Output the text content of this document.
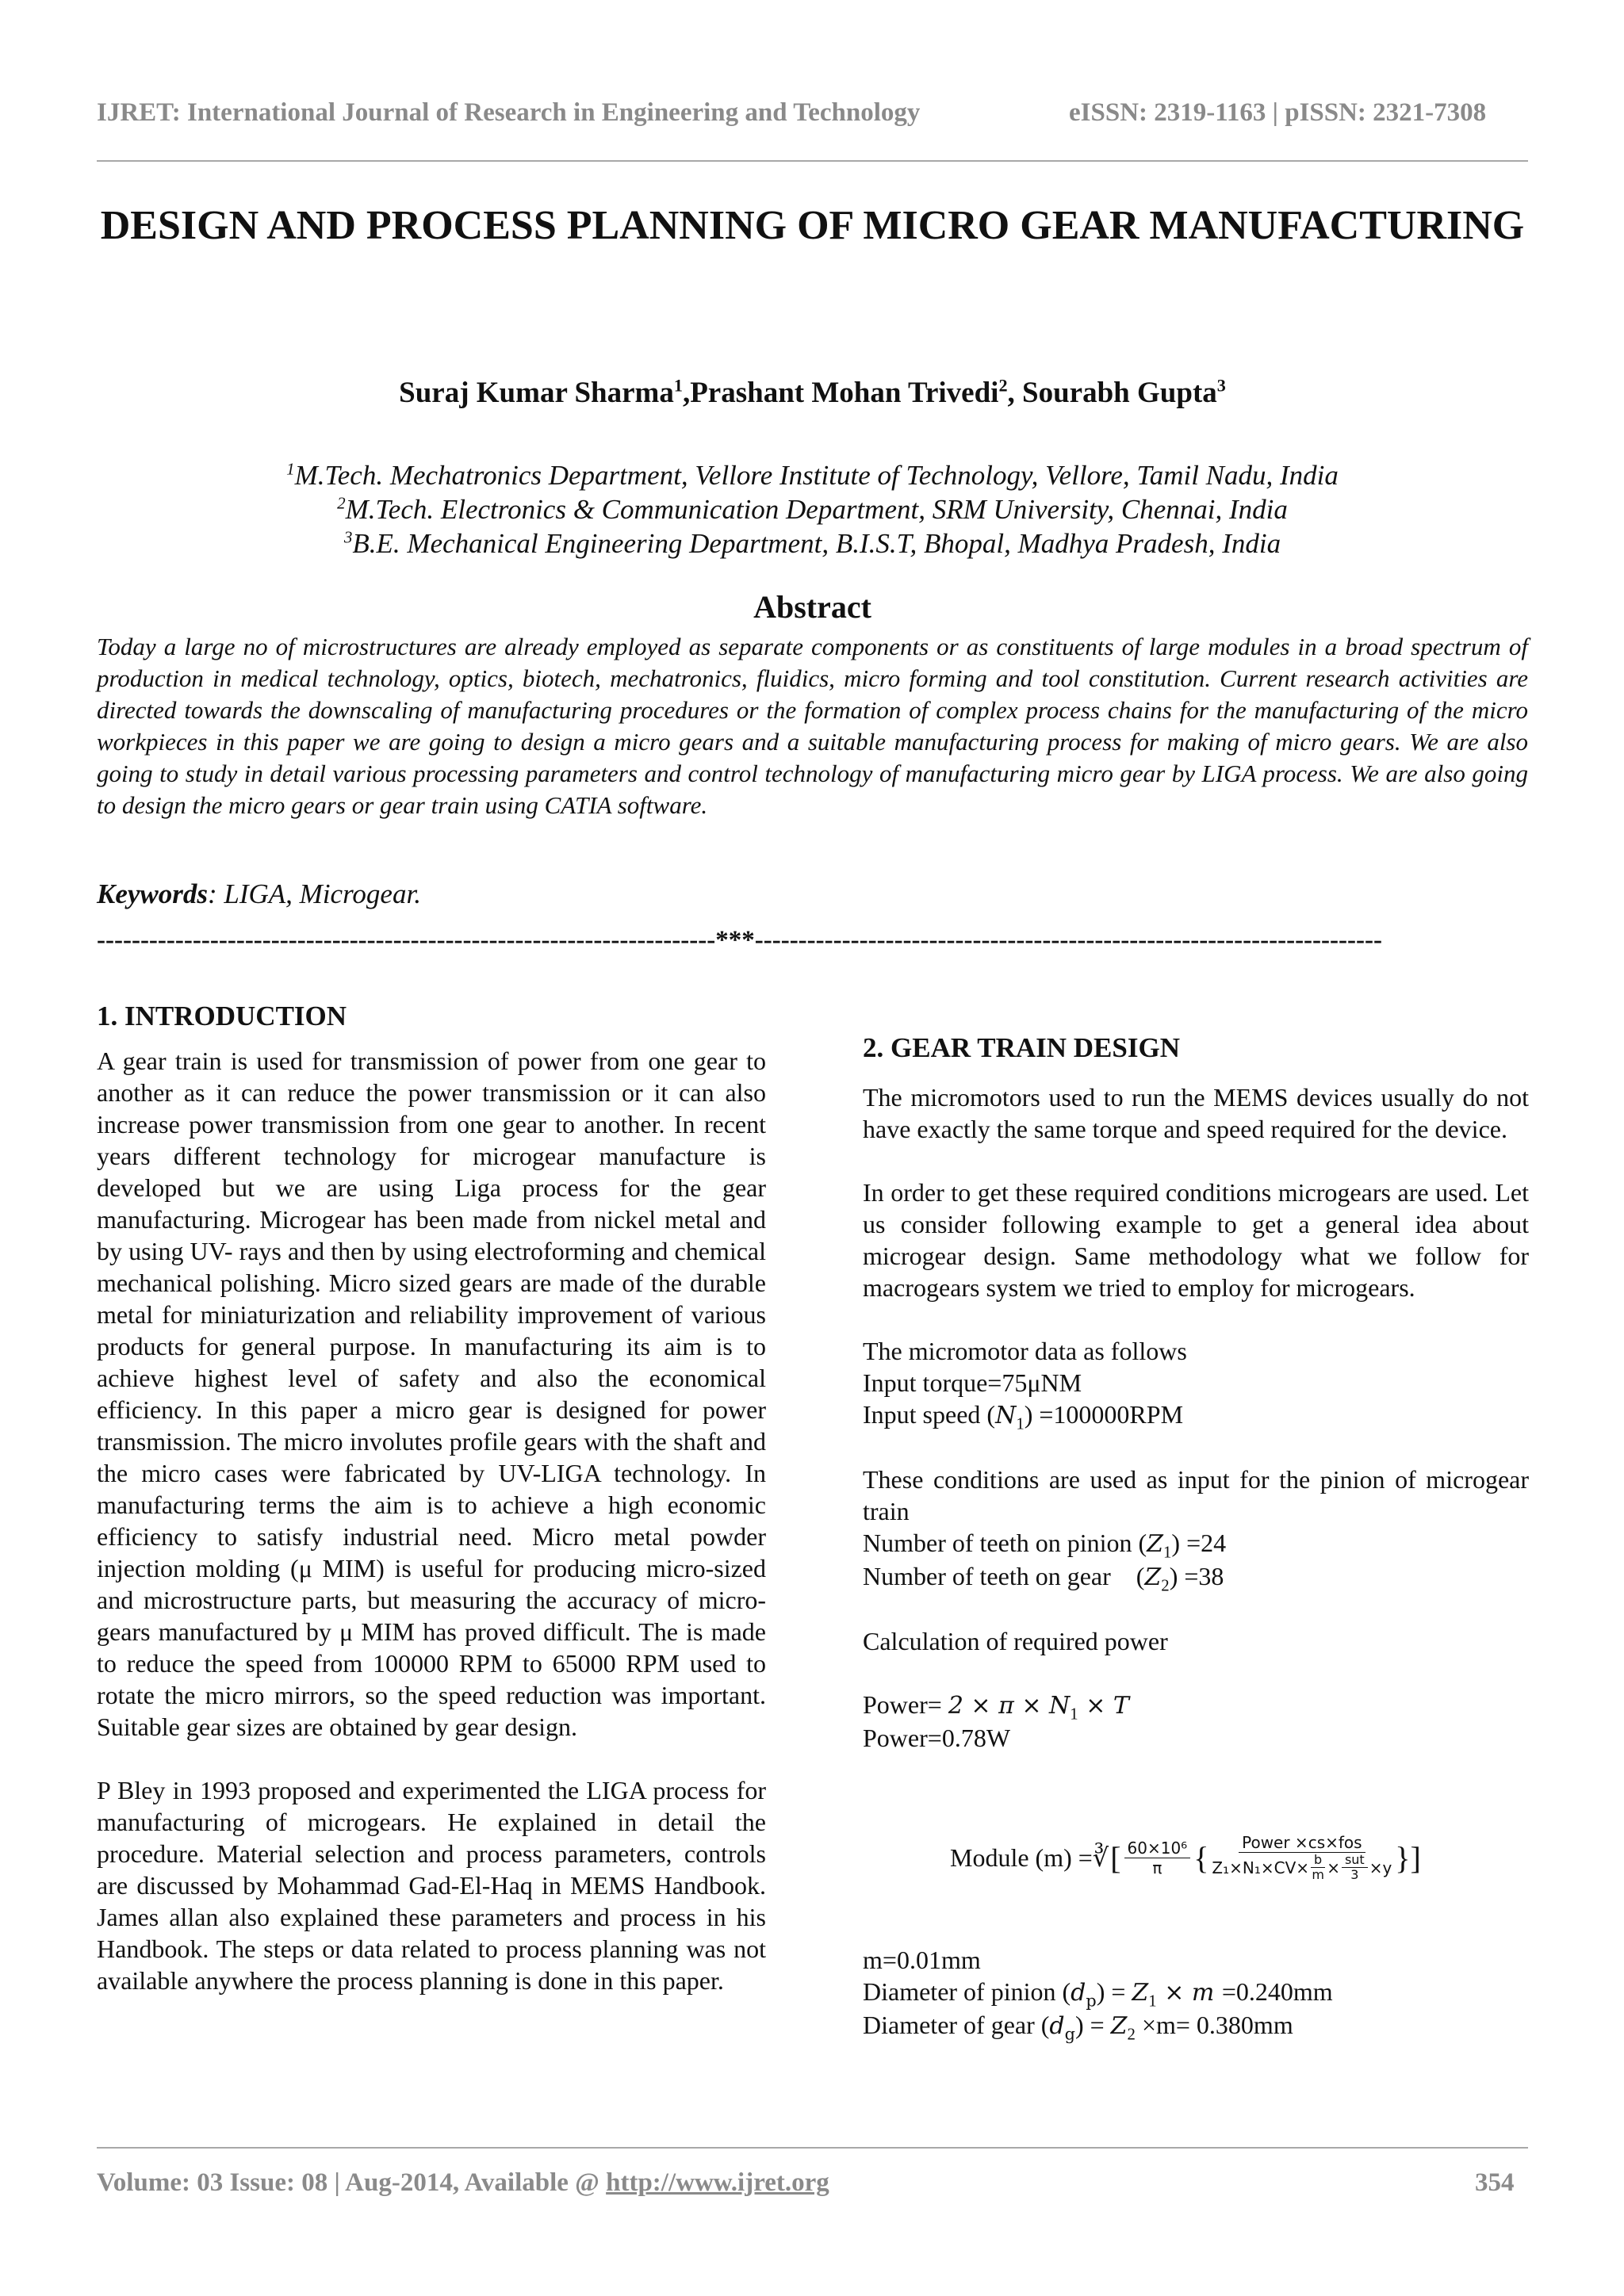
IJRET: International Journal of Research in Engineering and Technology	eISSN: 2319-1163 | pISSN: 2321-7308
DESIGN AND PROCESS PLANNING OF MICRO GEAR MANUFACTURING
Suraj Kumar Sharma$^1$,Prashant Mohan Trivedi$^2$, Sourabh Gupta$^3$
$^1$M.Tech. Mechatronics Department, Vellore Institute of Technology, Vellore, Tamil Nadu, India
$^2$M.Tech. Electronics & Communication Department, SRM University, Chennai, India
$^3$B.E. Mechanical Engineering Department, B.I.S.T, Bhopal, Madhya Pradesh, India
Abstract
Today a large no of microstructures are already employed as separate components or as constituents of large modules in a broad spectrum of production in medical technology, optics, biotech, mechatronics, fluidics, micro forming and tool constitution. Current research activities are directed towards the downscaling of manufacturing procedures or the formation of complex process chains for the manufacturing of the micro workpieces in this paper we are going to design a micro gears and a suitable manufacturing process for making of micro gears. We are also going to study in detail various processing parameters and control technology of manufacturing micro gear by LIGA process. We are also going to design the micro gears or gear train using CATIA software.
Keywords: LIGA, Microgear.
-----------------------------------------------------------------------***------------------------------------------------------------------------
1. INTRODUCTION

A gear train is used for transmission of power from one gear to another as it can reduce the power transmission or it can also increase power transmission from one gear to another. In recent years different technology for microgear manufacture is developed but we are using Liga process for the gear manufacturing. Microgear has been made from nickel metal and by using UV- rays and then by using electroforming and chemical mechanical polishing. Micro sized gears are made of the durable metal for miniaturization and reliability improvement of various products for general purpose. In manufacturing its aim is to achieve highest level of safety and also the economical efficiency. In this paper a micro gear is designed for power transmission. The micro involutes profile gears with the shaft and the micro cases were fabricated by UV-LIGA technology. In manufacturing terms the aim is to achieve a high economic efficiency to satisfy industrial need. Micro metal powder injection molding (μ MIM) is useful for producing micro-sized and microstructure parts, but measuring the accuracy of micro-gears manufactured by μ MIM has proved difficult. The is made to reduce the speed from 100000 RPM to 65000 RPM used to rotate the micro mirrors, so the speed reduction was important. Suitable gear sizes are obtained by gear design.

P Bley in 1993 proposed and experimented the LIGA process for manufacturing of microgears. He explained in detail the procedure. Material selection and process parameters, controls are discussed by Mohammad Gad-El-Haq in MEMS Handbook. James allan also explained these parameters and process in his Handbook. The steps or data related to process planning was not available anywhere the process planning is done in this paper.

2. GEAR TRAIN DESIGN

The micromotors used to run the MEMS devices usually do not have exactly the same torque and speed required for the device.

In order to get these required conditions microgears are used. Let us consider following example to get a general idea about microgear design. Same methodology what we follow for macrogears system we tried to employ for microgears.

The micromotor data as follows

Input torque=75μNM

Input speed $(N_1) =100000RPM$

These conditions are used as input for the pinion of microgear train

Number of teeth on pinion $(Z_1) =24$

Number of teeth on gear    $(Z_2) =38$

Calculation of required power

Power= $2 \times \pi \times N_1 \times T$

Power=0.78W

Module (m) = ∛ [ $\frac{\text{60×10⁶}}{\pi}$ { $\frac{\text{Power ×cs×fos}}{Z_1\times N_1\times CV\times \frac{b}{m} \times \frac{\text{sut}}{3} \times y}$ }]

m=0.01mm

Diameter of pinion $(d_p) = Z_1 \times m =0.240mm$

Diameter of gear $(d_g) = Z_2 \times m= 0.380mm$

Volume: 03 Issue: 08 | Aug-2014, Available @ http://www.ijret.org	354
